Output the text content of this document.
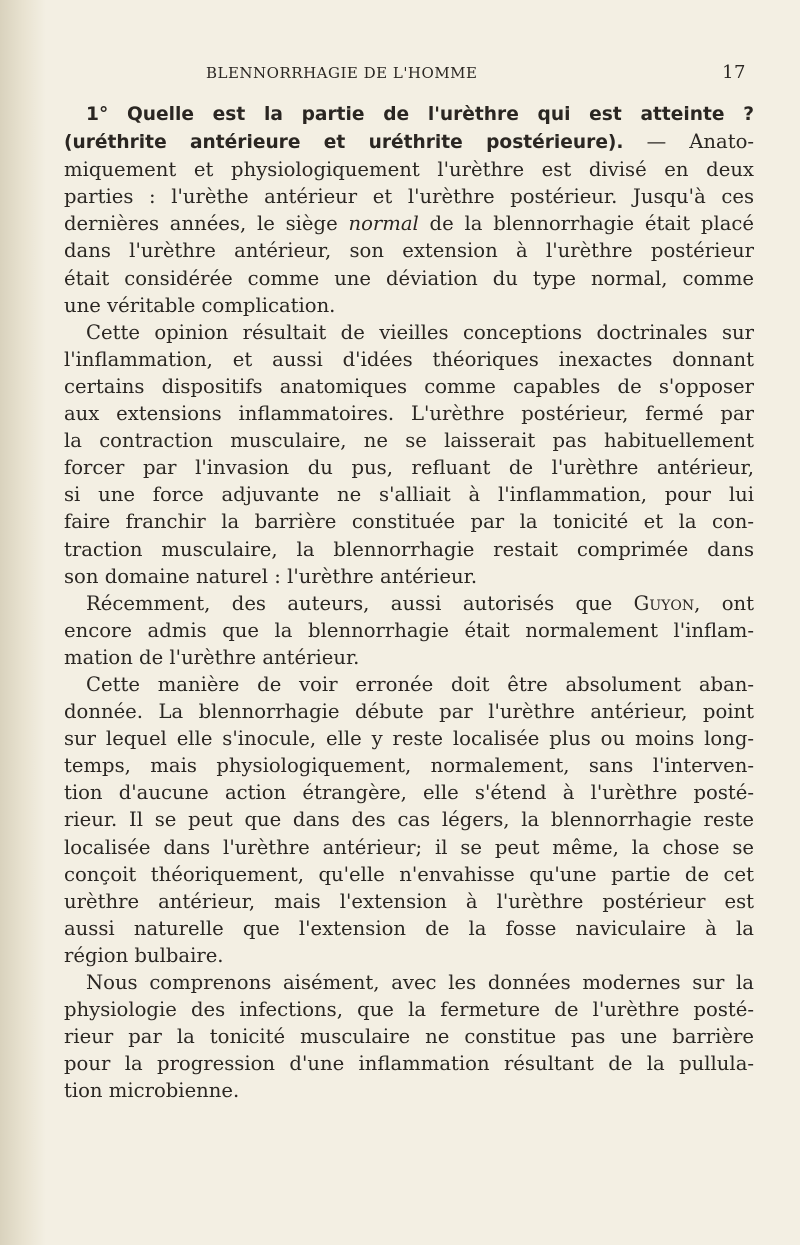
BLENNORRHAGIE DE L'HOMME	17
1° Quelle est la partie de l'urèthre qui est atteinte ?
(uréthrite antérieure et uréthrite postérieure). — Anato-
miquement et physiologiquement l'urèthre est divisé en deux
parties : l'urèthe antérieur et l'urèthre postérieur. Jusqu'à ces
dernières années, le siège normal de la blennorrhagie était placé
dans l'urèthre antérieur, son extension à l'urèthre postérieur
était considérée comme une déviation du type normal, comme
une véritable complication.
Cette opinion résultait de vieilles conceptions doctrinales sur
l'inflammation, et aussi d'idées théoriques inexactes donnant
certains dispositifs anatomiques comme capables de s'opposer
aux extensions inflammatoires. L'urèthre postérieur, fermé par
la contraction musculaire, ne se laisserait pas habituellement
forcer par l'invasion du pus, refluant de l'urèthre antérieur,
si une force adjuvante ne s'alliait à l'inflammation, pour lui
faire franchir la barrière constituée par la tonicité et la con-
traction musculaire, la blennorrhagie restait comprimée dans
son domaine naturel : l'urèthre antérieur.
Récemment, des auteurs, aussi autorisés que Guyon, ont
encore admis que la blennorrhagie était normalement l'inflam-
mation de l'urèthre antérieur.
Cette manière de voir erronée doit être absolument aban-
donnée. La blennorrhagie débute par l'urèthre antérieur, point
sur lequel elle s'inocule, elle y reste localisée plus ou moins long-
temps, mais physiologiquement, normalement, sans l'interven-
tion d'aucune action étrangère, elle s'étend à l'urèthre posté-
rieur. Il se peut que dans des cas légers, la blennorrhagie reste
localisée dans l'urèthre antérieur; il se peut même, la chose se
conçoit théoriquement, qu'elle n'envahisse qu'une partie de cet
urèthre antérieur, mais l'extension à l'urèthre postérieur est
aussi naturelle que l'extension de la fosse naviculaire à la
région bulbaire.
Nous comprenons aisément, avec les données modernes sur la
physiologie des infections, que la fermeture de l'urèthre posté-
rieur par la tonicité musculaire ne constitue pas une barrière
pour la progression d'une inflammation résultant de la pullula-
tion microbienne.
